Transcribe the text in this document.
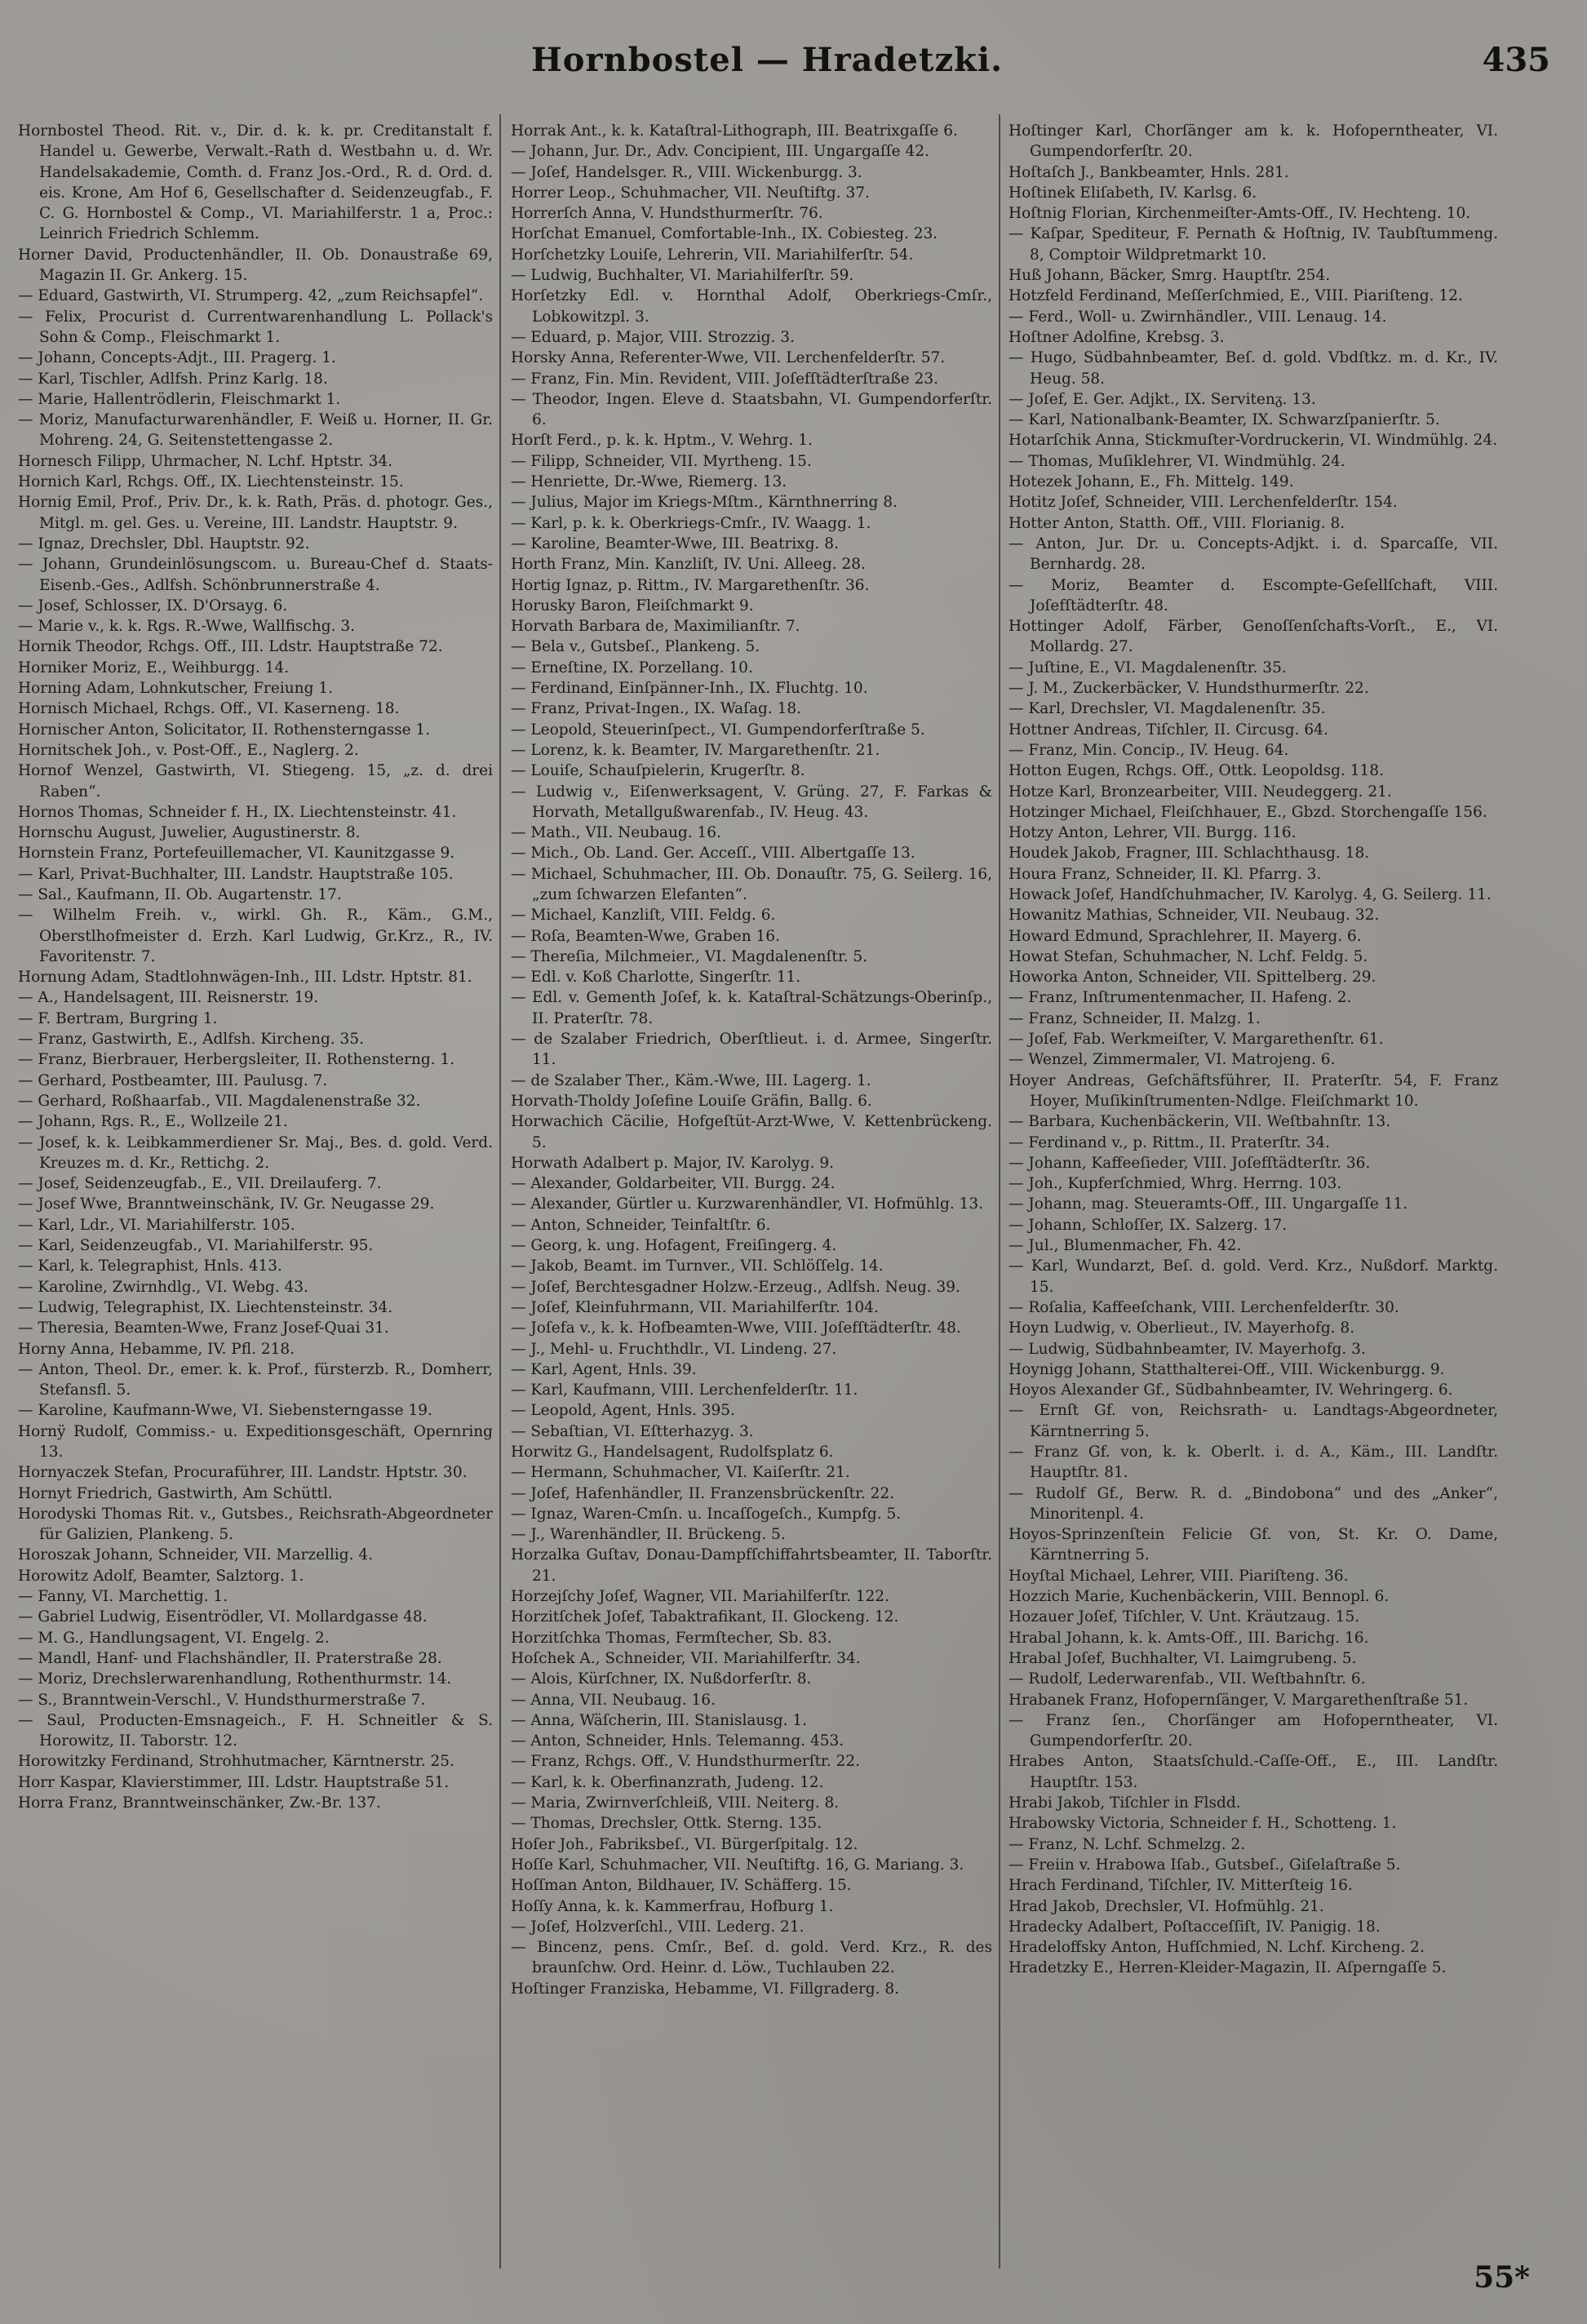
Hornbostel — Hradetzki.	435

Hornbostel Theod. Rit. v., Dir. d. k. k. pr. Creditanstalt f. Handel u. Gewerbe, Verwalt.-Rath d. Westbahn u. d. Wr. Handelsakademie, Comth. d. Franz Jos.-Ord., R. d. Ord. d. eis. Krone, Am Hof 6, Gesellschafter d. Seidenzeugfab., F. C. G. Hornbostel & Comp., VI. Mariahilferstr. 1 a, Proc.: Leinrich Friedrich Schlemm.

Horner David, Productenhändler, II. Ob. Donaustraße 69, Magazin II. Gr. Ankerg. 15.

— Eduard, Gastwirth, VI. Strumperg. 42, „zum Reichsapfel“.

— Felix, Procurist d. Currentwarenhandlung L. Pollack's Sohn & Comp., Fleischmarkt 1.

— Johann, Concepts-Adjt., III. Pragerg. 1.

— Karl, Tischler, Adlfsh. Prinz Karlg. 18.

— Marie, Hallentrödlerin, Fleischmarkt 1.

— Moriz, Manufacturwarenhändler, F. Weiß u. Horner, II. Gr. Mohreng. 24, G. Seitenstettengasse 2.

Hornesch Filipp, Uhrmacher, N. Lchf. Hptstr. 34.

Hornich Karl, Rchgs. Off., IX. Liechtensteinstr. 15.

Hornig Emil, Prof., Priv. Dr., k. k. Rath, Präs. d. photogr. Ges., Mitgl. m. gel. Ges. u. Vereine, III. Landstr. Hauptstr. 9.

— Ignaz, Drechsler, Dbl. Hauptstr. 92.

— Johann, Grundeinlösungscom. u. Bureau-Chef d. Staats-Eisenb.-Ges., Adlfsh. Schönbrunnerstraße 4.

— Josef, Schlosser, IX. D'Orsayg. 6.

— Marie v., k. k. Rgs. R.-Wwe, Wallfischg. 3.

Hornik Theodor, Rchgs. Off., III. Ldstr. Hauptstraße 72.

Horniker Moriz, E., Weihburgg. 14.

Horning Adam, Lohnkutscher, Freiung 1.

Hornisch Michael, Rchgs. Off., VI. Kaserneng. 18.

Hornischer Anton, Solicitator, II. Rothensterngasse 1.

Hornitschek Joh., v. Post-Off., E., Naglerg. 2.

Hornof Wenzel, Gastwirth, VI. Stiegeng. 15, „z. d. drei Raben“.

Hornos Thomas, Schneider f. H., IX. Liechtensteinstr. 41.

Hornschu August, Juwelier, Augustinerstr. 8.

Hornstein Franz, Portefeuillemacher, VI. Kaunitzgasse 9.

— Karl, Privat-Buchhalter, III. Landstr. Hauptstraße 105.

— Sal., Kaufmann, II. Ob. Augartenstr. 17.

— Wilhelm Freih. v., wirkl. Gh. R., Käm., G.M., Oberstlhofmeister d. Erzh. Karl Ludwig, Gr.Krz., R., IV. Favoritenstr. 7.

Hornung Adam, Stadtlohnwägen-Inh., III. Ldstr. Hptstr. 81.

— A., Handelsagent, III. Reisnerstr. 19.

— F. Bertram, Burgring 1.

— Franz, Gastwirth, E., Adlfsh. Kircheng. 35.

— Franz, Bierbrauer, Herbergsleiter, II. Rothensterng. 1.

— Gerhard, Postbeamter, III. Paulusg. 7.

— Gerhard, Roßhaarfab., VII. Magdalenenstraße 32.

— Johann, Rgs. R., E., Wollzeile 21.

— Josef, k. k. Leibkammerdiener Sr. Maj., Bes. d. gold. Verd. Kreuzes m. d. Kr., Rettichg. 2.

— Josef, Seidenzeugfab., E., VII. Dreilauferg. 7.

— Josef Wwe, Branntweinschänk, IV. Gr. Neugasse 29.

— Karl, Ldr., VI. Mariahilferstr. 105.

— Karl, Seidenzeugfab., VI. Mariahilferstr. 95.

— Karl, k. Telegraphist, Hnls. 413.

— Karoline, Zwirnhdlg., VI. Webg. 43.

— Ludwig, Telegraphist, IX. Liechtensteinstr. 34.

— Theresia, Beamten-Wwe, Franz Josef-Quai 31.

Horny Anna, Hebamme, IV. Pfl. 218.

— Anton, Theol. Dr., emer. k. k. Prof., fürsterzb. R., Domherr, Stefansfl. 5.

— Karoline, Kaufmann-Wwe, VI. Siebensterngasse 19.

Hornÿ Rudolf, Commiss.- u. Expeditionsgeschäft, Opernring 13.

Hornyaczek Stefan, Procuraführer, III. Landstr. Hptstr. 30.

Hornyt Friedrich, Gastwirth, Am Schüttl.

Horodyski Thomas Rit. v., Gutsbes., Reichsrath-Abgeordneter für Galizien, Plankeng. 5.

Horoszak Johann, Schneider, VII. Marzellig. 4.

Horowitz Adolf, Beamter, Salztorg. 1.

— Fanny, VI. Marchettig. 1.

— Gabriel Ludwig, Eisentrödler, VI. Mollardgasse 48.

— M. G., Handlungsagent, VI. Engelg. 2.

— Mandl, Hanf- und Flachshändler, II. Praterstraße 28.

— Moriz, Drechslerwarenhandlung, Rothenthurmstr. 14.

— S., Branntwein-Verschl., V. Hundsthurmerstraße 7.

— Saul, Producten-Emsnageich., F. H. Schneitler & S. Horowitz, II. Taborstr. 12.

Horowitzky Ferdinand, Strohhutmacher, Kärntnerstr. 25.

Horr Kaspar, Klavierstimmer, III. Ldstr. Hauptstraße 51.

Horra Franz, Branntweinschänker, Zw.-Br. 137.

Horrak Ant., k. k. Kataſtral-Lithograph, III. Beatrixgaſſe 6.

— Johann, Jur. Dr., Adv. Concipient, III. Ungargaſſe 42.

— Joſef, Handelsger. R., VIII. Wickenburgg. 3.

Horrer Leop., Schuhmacher, VII. Neuſtiftg. 37.

Horrerſch Anna, V. Hundsthurmerſtr. 76.

Horſchat Emanuel, Comfortable-Inh., IX. Cobiesteg. 23.

Horſchetzky Louiſe, Lehrerin, VII. Mariahilferſtr. 54.

— Ludwig, Buchhalter, VI. Mariahilferſtr. 59.

Horſetzky Edl. v. Hornthal Adolf, Oberkriegs-Cmſr., Lobkowitzpl. 3.

— Eduard, p. Major, VIII. Strozzig. 3.

Horsky Anna, Referenter-Wwe, VII. Lerchenfelderſtr. 57.

— Franz, Fin. Min. Revident, VIII. Joſefſtädterſtraße 23.

— Theodor, Ingen. Eleve d. Staatsbahn, VI. Gumpendorferſtr. 6.

Horſt Ferd., p. k. k. Hptm., V. Wehrg. 1.

— Filipp, Schneider, VII. Myrtheng. 15.

— Henriette, Dr.-Wwe, Riemerg. 13.

— Julius, Major im Kriegs-Mſtm., Kärnthnerring 8.

— Karl, p. k. k. Oberkriegs-Cmſr., IV. Waagg. 1.

— Karoline, Beamter-Wwe, III. Beatrixg. 8.

Horth Franz, Min. Kanzliſt, IV. Uni. Alleeg. 28.

Hortig Ignaz, p. Rittm., IV. Margarethenſtr. 36.

Horusky Baron, Fleiſchmarkt 9.

Horvath Barbara de, Maximilianſtr. 7.

— Bela v., Gutsbeſ., Plankeng. 5.

— Erneſtine, IX. Porzellang. 10.

— Ferdinand, Einſpänner-Inh., IX. Fluchtg. 10.

— Franz, Privat-Ingen., IX. Waſag. 18.

— Leopold, Steuerinſpect., VI. Gumpendorferſtraße 5.

— Lorenz, k. k. Beamter, IV. Margarethenſtr. 21.

— Louiſe, Schauſpielerin, Krugerſtr. 8.

— Ludwig v., Eiſenwerksagent, V. Grüng. 27, F. Farkas & Horvath, Metallgußwarenfab., IV. Heug. 43.

— Math., VII. Neubaug. 16.

— Mich., Ob. Land. Ger. Acceſſ., VIII. Albertgaſſe 13.

— Michael, Schuhmacher, III. Ob. Donauſtr. 75, G. Seilerg. 16, „zum ſchwarzen Elefanten“.

— Michael, Kanzliſt, VIII. Feldg. 6.

— Roſa, Beamten-Wwe, Graben 16.

— Thereſia, Milchmeier., VI. Magdalenenſtr. 5.

— Edl. v. Koß Charlotte, Singerſtr. 11.

— Edl. v. Gementh Joſef, k. k. Kataſtral-Schätzungs-Oberinſp., II. Praterſtr. 78.

— de Szalaber Friedrich, Oberſtlieut. i. d. Armee, Singerſtr. 11.

— de Szalaber Ther., Käm.-Wwe, III. Lagerg. 1.

Horvath-Tholdy Joſefine Louiſe Gräfin, Ballg. 6.

Horwachich Cäcilie, Hofgeſtüt-Arzt-Wwe, V. Kettenbrückeng. 5.

Horwath Adalbert p. Major, IV. Karolyg. 9.

— Alexander, Goldarbeiter, VII. Burgg. 24.

— Alexander, Gürtler u. Kurzwarenhändler, VI. Hofmühlg. 13.

— Anton, Schneider, Teinfaltſtr. 6.

— Georg, k. ung. Hofagent, Freiſingerg. 4.

— Jakob, Beamt. im Turnver., VII. Schlöſſelg. 14.

— Joſef, Berchtesgadner Holzw.-Erzeug., Adlfsh. Neug. 39.

— Joſef, Kleinfuhrmann, VII. Mariahilferſtr. 104.

— Joſefa v., k. k. Hofbeamten-Wwe, VIII. Joſefſtädterſtr. 48.

— J., Mehl- u. Fruchthdlr., VI. Lindeng. 27.

— Karl, Agent, Hnls. 39.

— Karl, Kaufmann, VIII. Lerchenfelderſtr. 11.

— Leopold, Agent, Hnls. 395.

— Sebaſtian, VI. Eſtterhazyg. 3.

Horwitz G., Handelsagent, Rudolfsplatz 6.

— Hermann, Schuhmacher, VI. Kaiſerſtr. 21.

— Joſef, Hafenhändler, II. Franzensbrückenſtr. 22.

— Ignaz, Waren-Cmſn. u. Incaſſogeſch., Kumpfg. 5.

— J., Warenhändler, II. Brückeng. 5.

Horzalka Guſtav, Donau-Dampfſchiffahrtsbeamter, II. Taborſtr. 21.

Horzejſchy Joſef, Wagner, VII. Mariahilferſtr. 122.

Horzitſchek Joſef, Tabaktrafikant, II. Glockeng. 12.

Horzitſchka Thomas, Fermſtecher, Sb. 83.

Hoſchek A., Schneider, VII. Mariahilferſtr. 34.

— Alois, Kürſchner, IX. Nußdorferſtr. 8.

— Anna, VII. Neubaug. 16.

— Anna, Wäſcherin, III. Stanislausg. 1.

— Anton, Schneider, Hnls. Telemanng. 453.

— Franz, Rchgs. Off., V. Hundsthurmerſtr. 22.

— Karl, k. k. Oberfinanzrath, Judeng. 12.

— Maria, Zwirnverſchleiß, VIII. Neiterg. 8.

— Thomas, Drechsler, Ottk. Sterng. 135.

Hoſer Joh., Fabriksbeſ., VI. Bürgerſpitalg. 12.

Hoſſe Karl, Schuhmacher, VII. Neuſtiftg. 16, G. Mariang. 3.

Hoſſman Anton, Bildhauer, IV. Schäfferg. 15.

Hoſſy Anna, k. k. Kammerfrau, Hofburg 1.

— Joſef, Holzverſchl., VIII. Lederg. 21.

— Bincenz, pens. Cmſr., Beſ. d. gold. Verd. Krz., R. des braunſchw. Ord. Heinr. d. Löw., Tuchlauben 22.

Hoſtinger Franziska, Hebamme, VI. Fillgraderg. 8.

Hoſtinger Karl, Chorſänger am k. k. Hofoperntheater, VI. Gumpendorferſtr. 20.

Hoſtaſch J., Bankbeamter, Hnls. 281.

Hoſtinek Eliſabeth, IV. Karlsg. 6.

Hoſtnig Florian, Kirchenmeiſter-Amts-Off., IV. Hechteng. 10.

— Kaſpar, Spediteur, F. Pernath & Hoſtnig, IV. Taubſtummeng. 8, Comptoir Wildpretmarkt 10.

Huß Johann, Bäcker, Smrg. Hauptſtr. 254.

Hotzfeld Ferdinand, Meſſerſchmied, E., VIII. Piariſteng. 12.

— Ferd., Woll- u. Zwirnhändler., VIII. Lenaug. 14.

Hoſtner Adolfine, Krebsg. 3.

— Hugo, Südbahnbeamter, Beſ. d. gold. Vbdſtkz. m. d. Kr., IV. Heug. 58.

— Joſef, E. Ger. Adjkt., IX. Servitenᵹ. 13.

— Karl, Nationalbank-Beamter, IX. Schwarzſpanierſtr. 5.

Hotarſchik Anna, Stickmuſter-Vordruckerin, VI. Windmühlg. 24.

— Thomas, Muſiklehrer, VI. Windmühlg. 24.

Hotezek Johann, E., Fh. Mittelg. 149.

Hotitz Joſef, Schneider, VIII. Lerchenfelderſtr. 154.

Hotter Anton, Statth. Off., VIII. Florianig. 8.

— Anton, Jur. Dr. u. Concepts-Adjkt. i. d. Sparcaſſe, VII. Bernhardg. 28.

— Moriz, Beamter d. Escompte-Geſellſchaft, VIII. Joſefſtädterſtr. 48.

Hottinger Adolf, Färber, Genoſſenſchafts-Vorſt., E., VI. Mollardg. 27.

— Juſtine, E., VI. Magdalenenſtr. 35.

— J. M., Zuckerbäcker, V. Hundsthurmerſtr. 22.

— Karl, Drechsler, VI. Magdalenenſtr. 35.

Hottner Andreas, Tiſchler, II. Circusg. 64.

— Franz, Min. Concip., IV. Heug. 64.

Hotton Eugen, Rchgs. Off., Ottk. Leopoldsg. 118.

Hotze Karl, Bronzearbeiter, VIII. Neudeggerg. 21.

Hotzinger Michael, Fleiſchhauer, E., Gbzd. Storchengaſſe 156.

Hotzy Anton, Lehrer, VII. Burgg. 116.

Houdek Jakob, Fragner, III. Schlachthausg. 18.

Houra Franz, Schneider, II. Kl. Pfarrg. 3.

Howack Joſef, Handſchuhmacher, IV. Karolyg. 4, G. Seilerg. 11.

Howanitz Mathias, Schneider, VII. Neubaug. 32.

Howard Edmund, Sprachlehrer, II. Mayerg. 6.

Howat Stefan, Schuhmacher, N. Lchf. Feldg. 5.

Howorka Anton, Schneider, VII. Spittelberg. 29.

— Franz, Inſtrumentenmacher, II. Hafeng. 2.

— Franz, Schneider, II. Malzg. 1.

— Joſef, Fab. Werkmeiſter, V. Margarethenſtr. 61.

— Wenzel, Zimmermaler, VI. Matrojeng. 6.

Hoyer Andreas, Geſchäftsführer, II. Praterſtr. 54, F. Franz Hoyer, Muſikinſtrumenten-Ndlge. Fleiſchmarkt 10.

— Barbara, Kuchenbäckerin, VII. Weſtbahnſtr. 13.

— Ferdinand v., p. Rittm., II. Praterſtr. 34.

— Johann, Kaffeeſieder, VIII. Joſefſtädterſtr. 36.

— Joh., Kupferſchmied, Whrg. Herrng. 103.

— Johann, mag. Steueramts-Off., III. Ungargaſſe 11.

— Johann, Schloſſer, IX. Salzerg. 17.

— Jul., Blumenmacher, Fh. 42.

— Karl, Wundarzt, Beſ. d. gold. Verd. Krz., Nußdorf. Marktg. 15.

— Roſalia, Kaffeeſchank, VIII. Lerchenfelderſtr. 30.

Hoyn Ludwig, v. Oberlieut., IV. Mayerhofg. 8.

— Ludwig, Südbahnbeamter, IV. Mayerhofg. 3.

Hoynigg Johann, Statthalterei-Off., VIII. Wickenburgg. 9.

Hoyos Alexander Gf., Südbahnbeamter, IV. Wehringerg. 6.

— Ernſt Gf. von, Reichsrath- u. Landtags-Abgeordneter, Kärntnerring 5.

— Franz Gf. von, k. k. Oberlt. i. d. A., Käm., III. Landſtr. Hauptſtr. 81.

— Rudolf Gf., Berw. R. d. „Bindobona“ und des „Anker“, Minoritenpl. 4.

Hoyos-Sprinzenſtein Felicie Gf. von, St. Kr. O. Dame, Kärntnerring 5.

Hoyſtal Michael, Lehrer, VIII. Piariſteng. 36.

Hozzich Marie, Kuchenbäckerin, VIII. Bennopl. 6.

Hozauer Joſef, Tiſchler, V. Unt. Kräutzaug. 15.

Hrabal Johann, k. k. Amts-Off., III. Barichg. 16.

Hrabal Joſef, Buchhalter, VI. Laimgrubeng. 5.

— Rudolf, Lederwarenfab., VII. Weſtbahnſtr. 6.

Hrabanek Franz, Hofopernſänger, V. Margarethenſtraße 51.

— Franz ſen., Chorſänger am Hofoperntheater, VI. Gumpendorferſtr. 20.

Hrabes Anton, Staatsſchuld.-Caſſe-Off., E., III. Landſtr. Hauptſtr. 153.

Hrabi Jakob, Tiſchler in Flsdd.

Hrabowsky Victoria, Schneider f. H., Schotteng. 1.

— Franz, N. Lchf. Schmelzg. 2.

— Freiin v. Hrabowa Iſab., Gutsbeſ., Giſelaſtraße 5.

Hrach Ferdinand, Tiſchler, IV. Mitterſteig 16.

Hrad Jakob, Drechsler, VI. Hofmühlg. 21.

Hradecky Adalbert, Poſtacceſſiſt, IV. Panigig. 18.

Hradeloffsky Anton, Hufſchmied, N. Lchf. Kircheng. 2.

Hradetzky E., Herren-Kleider-Magazin, II. Aſperngaſſe 5.

55*
